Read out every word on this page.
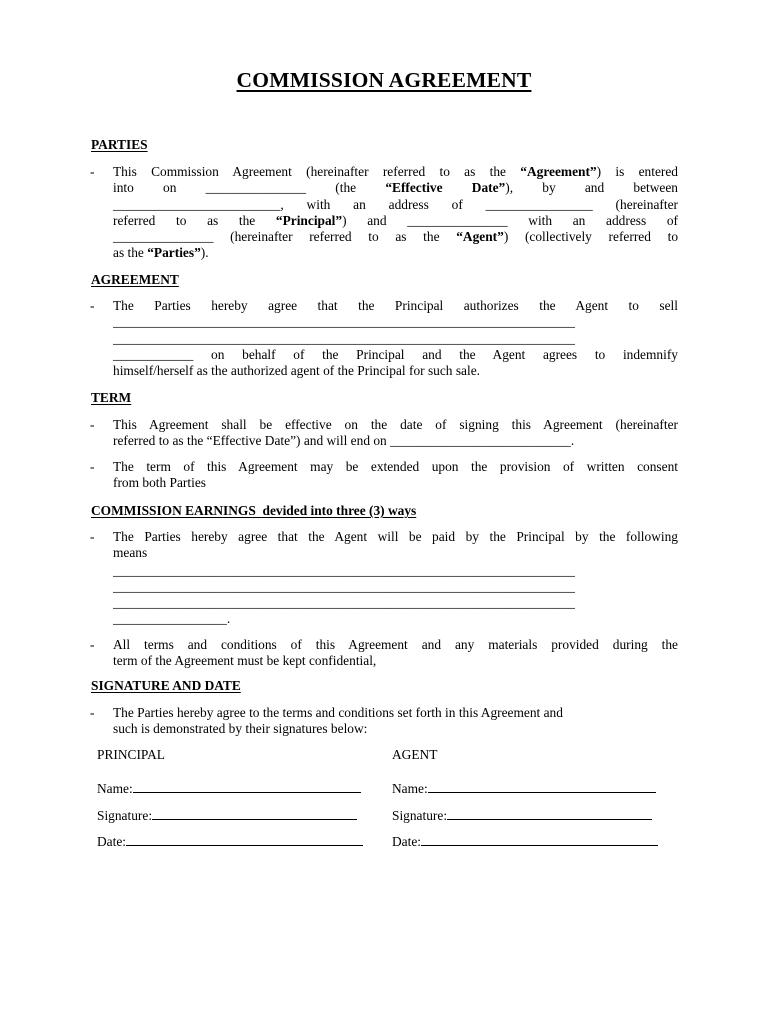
COMMISSION AGREEMENT
PARTIES
- This Commission Agreement (hereinafter referred to as the “Agreement”) is entered
into on _______________ (the “Effective Date”), by and between
_________________________, with an address of ________________ (hereinafter
referred to as the “Principal”) and _______________ with an address of
_______________ (hereinafter referred to as the “Agent”) (collectively referred to
as the “Parties”).
AGREEMENT
- The Parties hereby agree that the Principal authorizes the Agent to sell
_____________________________________________________________________
_____________________________________________________________________
____________ on behalf of the Principal and the Agent agrees to indemnify
himself/herself as the authorized agent of the Principal for such sale.
TERM
- This Agreement shall be effective on the date of signing this Agreement (hereinafter
referred to as the “Effective Date”) and will end on ___________________________.
- The term of this Agreement may be extended upon the provision of written consent
from both Parties
COMMISSION EARNINGS  devided into three (3) ways
- The Parties hereby agree that the Agent will be paid by the Principal by the following
means
_____________________________________________________________________
_____________________________________________________________________
_____________________________________________________________________
_________________.
- All terms and conditions of this Agreement and any materials provided during the
term of the Agreement must be kept confidential,
SIGNATURE AND DATE
- The Parties hereby agree to the terms and conditions set forth in this Agreement and
such is demonstrated by their signatures below:
PRINCIPAL	AGENT
Name:	Name:
Signature:	Signature:
Date:	Date:
